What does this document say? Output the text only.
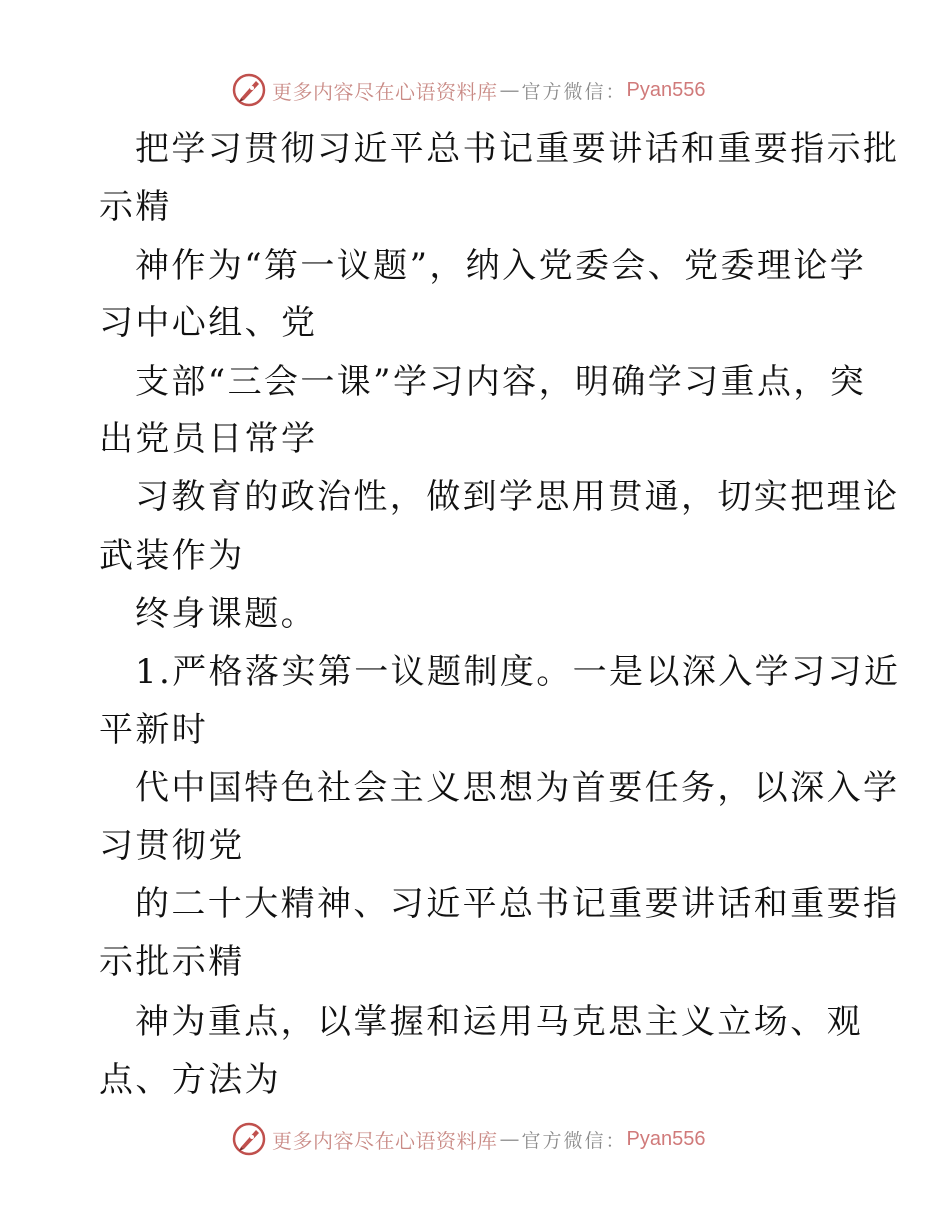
更多内容尽在心语资料库 — 官方微信： Pyan556
把学习贯彻习近平总书记重要讲话和重要指示批
示精
神作为“第一议题”，纳入党委会、党委理论学
习中心组、党
支部“三会一课”学习内容，明确学习重点，突
出党员日常学
习教育的政治性，做到学思用贯通，切实把理论
武装作为
终身课题。
1.严格落实第一议题制度。一是以深入学习习近
平新时
代中国特色社会主义思想为首要任务，以深入学
习贯彻党
的二十大精神、习近平总书记重要讲话和重要指
示批示精
神为重点，以掌握和运用马克思主义立场、观
点、方法为
更多内容尽在心语资料库 — 官方微信： Pyan556
